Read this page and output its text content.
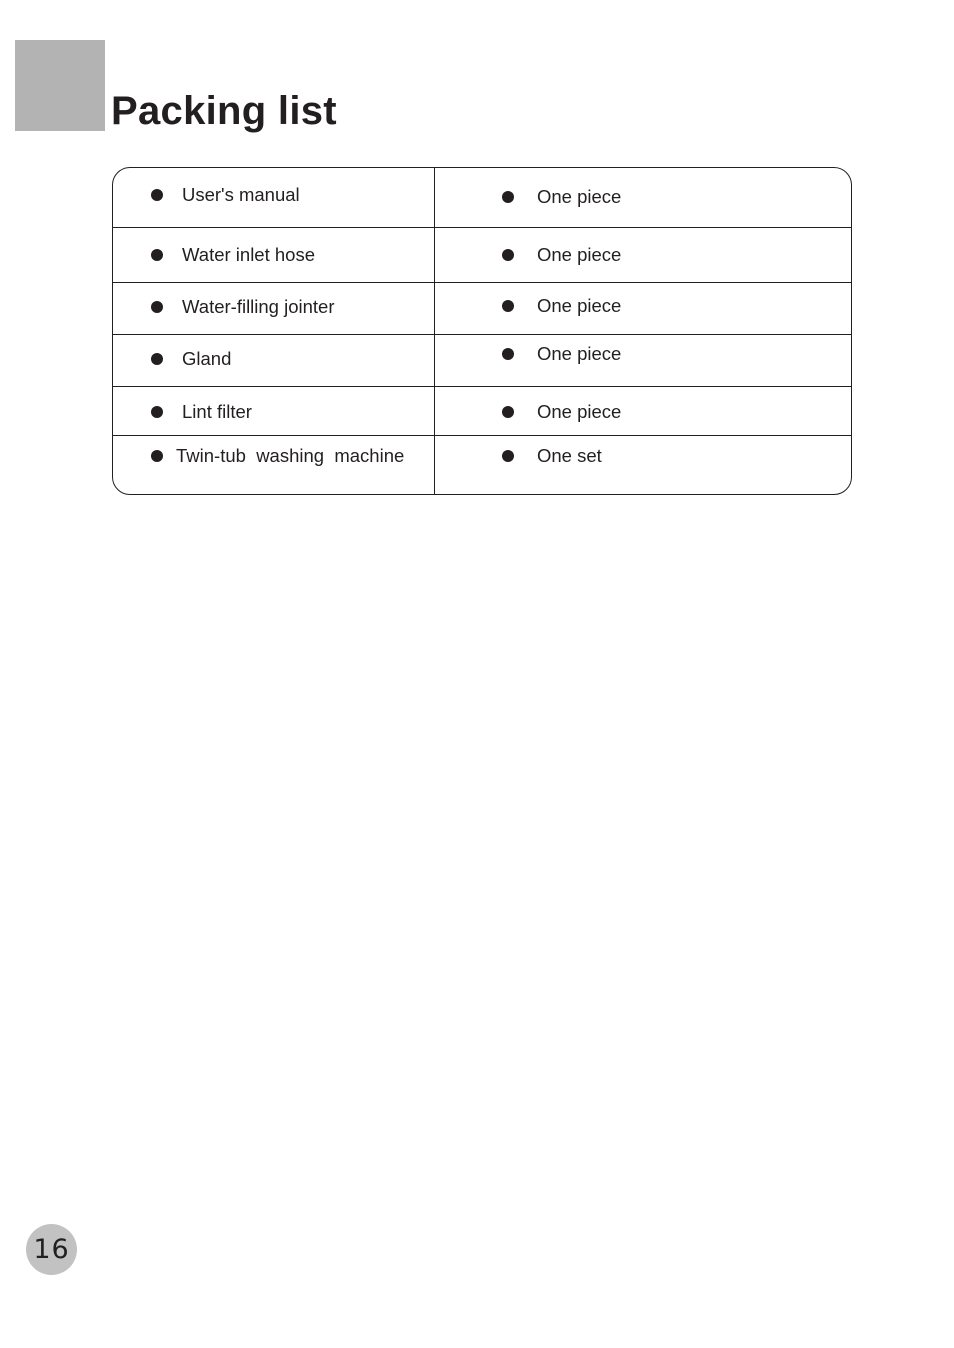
Packing list
User's manual	One piece
Water inlet hose	One piece
Water-filling jointer	One piece
Gland	One piece
Lint filter	One piece
Twin-tub  washing  machine	One set
16
